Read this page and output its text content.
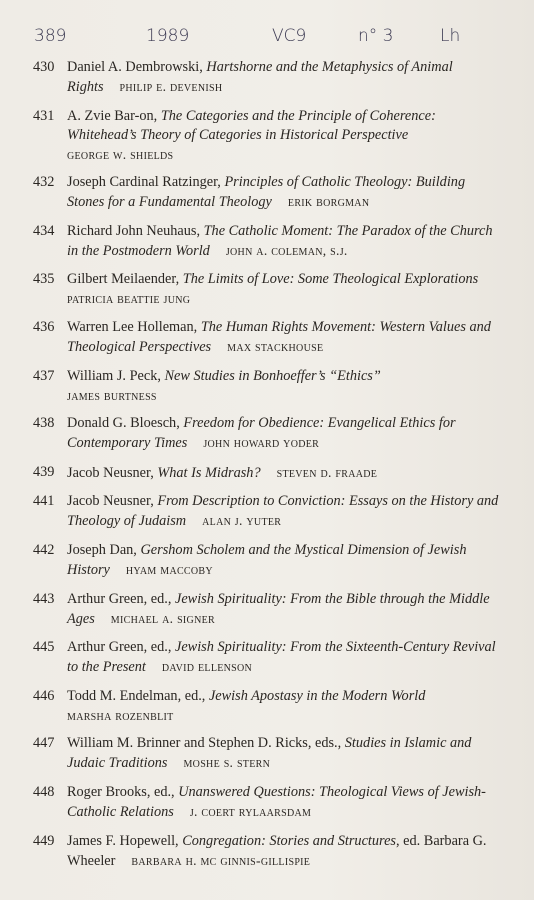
389	1989	VC9	n° 3	Lh
430 Daniel A. Dembrowski, Hartshorne and the Metaphysics of Animal Rights philip e. devenish
431 A. Zvie Bar-on, The Categories and the Principle of Coherence: Whitehead’s Theory of Categories in Historical Perspective
george w. shields
432 Joseph Cardinal Ratzinger, Principles of Catholic Theology: Building Stones for a Fundamental Theology erik borgman
434 Richard John Neuhaus, The Catholic Moment: The Paradox of the Church in the Postmodern World john a. coleman, s.j.
435 Gilbert Meilaender, The Limits of Love: Some Theological Explorations
patricia beattie jung
436 Warren Lee Holleman, The Human Rights Movement: Western Values and Theological Perspectives max stackhouse
437 William J. Peck, New Studies in Bonhoeffer’s “Ethics”
james burtness
438 Donald G. Bloesch, Freedom for Obedience: Evangelical Ethics for Contemporary Times john howard yoder
439 Jacob Neusner, What Is Midrash? steven d. fraade
441 Jacob Neusner, From Description to Conviction: Essays on the History and Theology of Judaism alan j. yuter
442 Joseph Dan, Gershom Scholem and the Mystical Dimension of Jewish History hyam maccoby
443 Arthur Green, ed., Jewish Spirituality: From the Bible through the Middle Ages michael a. signer
445 Arthur Green, ed., Jewish Spirituality: From the Sixteenth-Century Revival to the Present david ellenson
446 Todd M. Endelman, ed., Jewish Apostasy in the Modern World
marsha rozenblit
447 William M. Brinner and Stephen D. Ricks, eds., Studies in Islamic and Judaic Traditions moshe s. stern
448 Roger Brooks, ed., Unanswered Questions: Theological Views of Jewish-Catholic Relations j. coert rylaarsdam
449 James F. Hopewell, Congregation: Stories and Structures, ed. Barbara G. Wheeler barbara h. mc ginnis-gillispie
